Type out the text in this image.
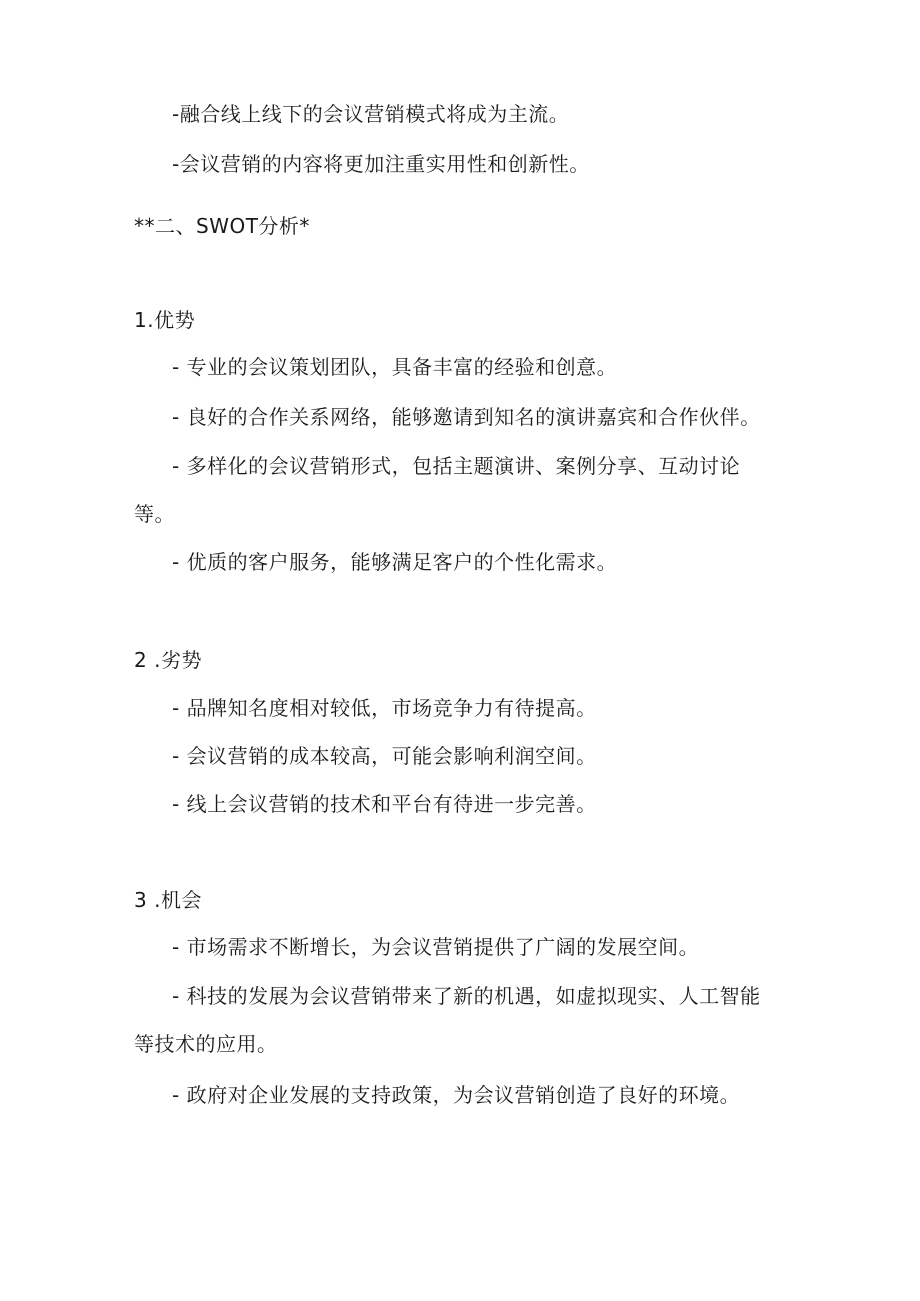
-融合线上线下的会议营销模式将成为主流。
-会议营销的内容将更加注重实用性和创新性。
**二、SWOT分析*
1.优势
- 专业的会议策划团队，具备丰富的经验和创意。
- 良好的合作关系网络，能够邀请到知名的演讲嘉宾和合作伙伴。
- 多样化的会议营销形式，包括主题演讲、案例分享、互动讨论
等。
- 优质的客户服务，能够满足客户的个性化需求。
2 .劣势
- 品牌知名度相对较低，市场竞争力有待提高。
- 会议营销的成本较高，可能会影响利润空间。
- 线上会议营销的技术和平台有待进一步完善。
3 .机会
- 市场需求不断增长，为会议营销提供了广阔的发展空间。
- 科技的发展为会议营销带来了新的机遇，如虚拟现实、人工智能
等技术的应用。
- 政府对企业发展的支持政策，为会议营销创造了良好的环境。
